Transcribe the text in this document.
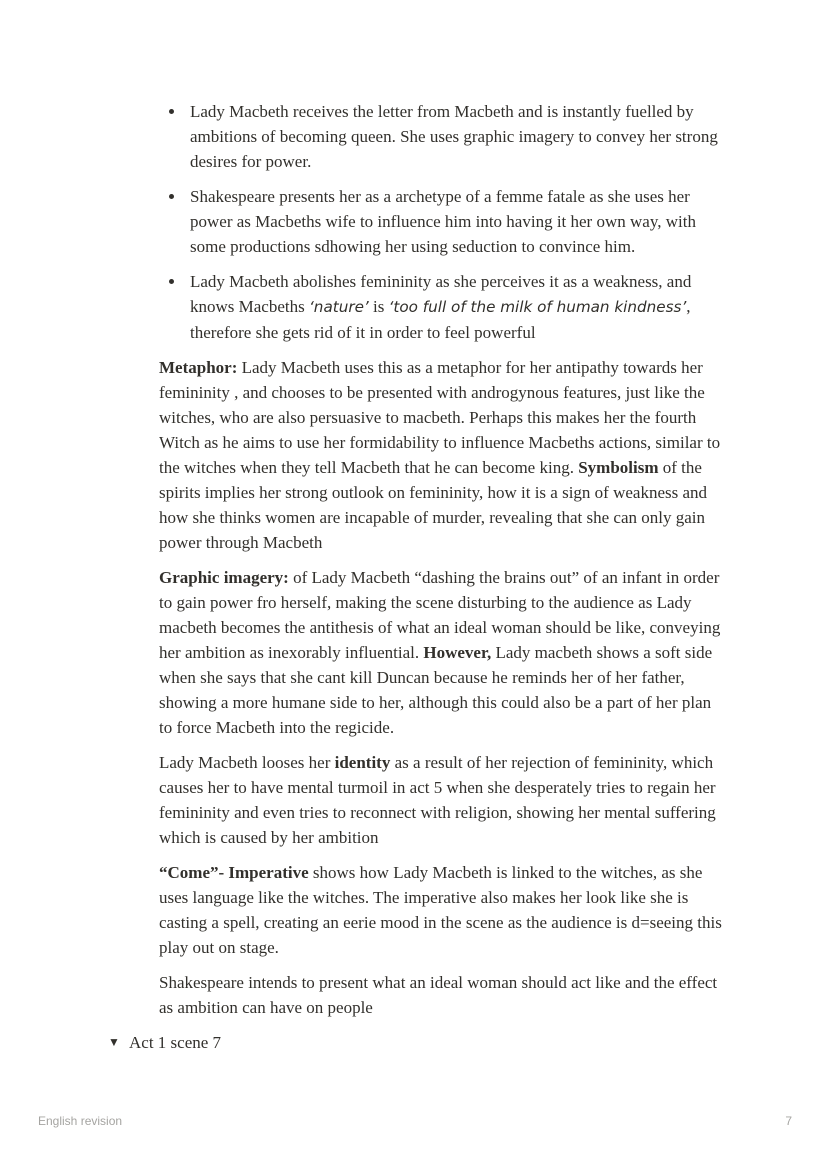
Lady Macbeth receives the letter from Macbeth and is instantly fuelled by ambitions of becoming queen. She uses graphic imagery to convey her strong desires for power.
Shakespeare presents her as a archetype of a femme fatale as she uses her power as Macbeths wife to influence him into having it her own way, with some productions sdhowing her using seduction to convince him.
Lady Macbeth abolishes femininity as she perceives it as a weakness, and knows Macbeths ‘nature’ is ‘too full of the milk of human kindness’, therefore she gets rid of it in order to feel powerful
Metaphor: Lady Macbeth uses this as a metaphor for her antipathy towards her femininity , and chooses to be presented with androgynous features, just like the witches, who are also persuasive to macbeth. Perhaps this makes her the fourth Witch as he aims to use her formidability to influence Macbeths actions, similar to the witches when they tell Macbeth that he can become king. Symbolism of the spirits implies her strong outlook on femininity, how it is a sign of weakness and how she thinks women are incapable of murder, revealing that she can only gain power through Macbeth
Graphic imagery: of Lady Macbeth “dashing the brains out” of an infant in order to gain power fro herself, making the scene disturbing to the audience as Lady macbeth becomes the antithesis of what an ideal woman should be like, conveying her ambition as inexorably influential. However, Lady macbeth shows a soft side when she says that she cant kill Duncan because he reminds her of her father, showing a more humane side to her, although this could also be a part of her plan to force Macbeth into the regicide.
Lady Macbeth looses her identity as a result of her rejection of femininity, which causes her to have mental turmoil in act 5 when she desperately tries to regain her femininity and even tries to reconnect with religion, showing her mental suffering which is caused by her ambition
“Come”- Imperative shows how Lady Macbeth is linked to the witches, as she uses language like the witches. The imperative also makes her look like she is casting a spell, creating an eerie mood in the scene as the audience is d=seeing this play out on stage.
Shakespeare intends to present what an ideal woman should act like and the effect as ambition can have on people
▼ Act 1 scene 7
English revision	7
